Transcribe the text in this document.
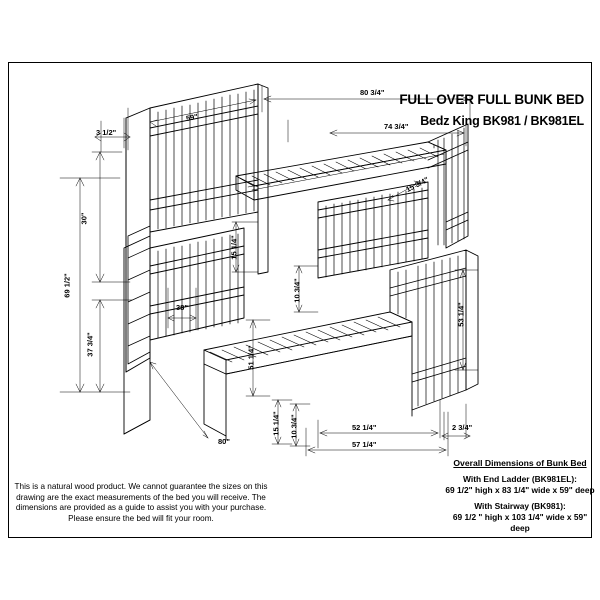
FULL OVER FULL BUNK BED
Bedz King BK981 / BK981EL
3 1/2"
59"
80 3/4"
74 3/4"
15 3/4"
30"
69 1/2"
37 3/4"
15 1/4"
38"
10 3/4"
53 1/4"
51 1/4"
15 1/4" 10 3/4"
80"
52 1/4"
57 1/4"
2 3/4"
This is a natural wood product. We cannot guarantee the sizes on this drawing are the exact measurements of the bed you will receive. The dimensions are provided as a guide to assist you with your purchase. Please ensure the bed will fit your room.
Overall Dimensions of Bunk Bed
With End Ladder (BK981EL):
69 1/2" high x 83 1/4" wide x 59" deep
With Stairway (BK981):
69 1/2 " high x 103 1/4" wide x 59" deep
